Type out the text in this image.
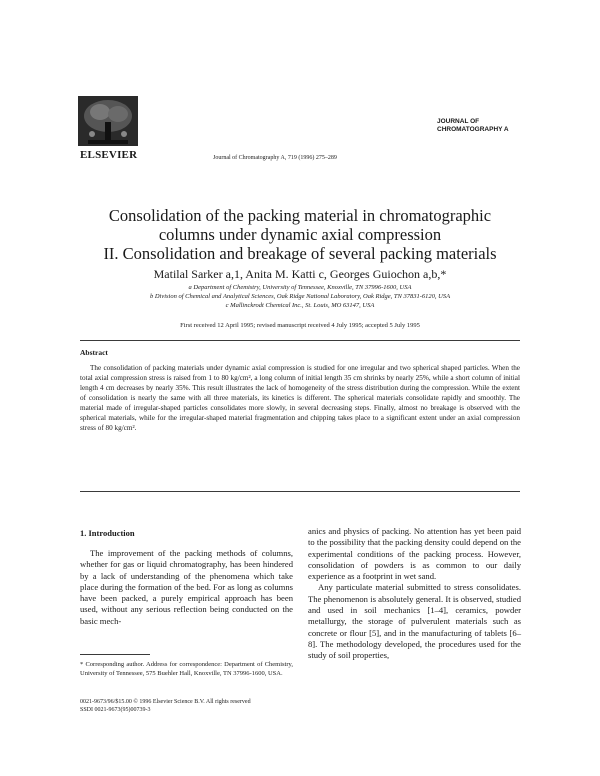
ELSEVIER
JOURNAL OF
CHROMATOGRAPHY A
Journal of Chromatography A, 719 (1996) 275–289
Consolidation of the packing material in chromatographic
columns under dynamic axial compression
II. Consolidation and breakage of several packing materials
Matilal Sarker a,1, Anita M. Katti c, Georges Guiochon a,b,*
a Department of Chemistry, University of Tennessee, Knoxville, TN 37996-1600, USA
b Division of Chemical and Analytical Sciences, Oak Ridge National Laboratory, Oak Ridge, TN 37831-6120, USA
c Mallinckrodt Chemical Inc., St. Louis, MO 63147, USA
First received 12 April 1995; revised manuscript received 4 July 1995; accepted 5 July 1995
Abstract
The consolidation of packing materials under dynamic axial compression is studied for one irregular and two spherical shaped particles. When the total axial compression stress is raised from 1 to 80 kg/cm², a long column of initial length 35 cm shrinks by nearly 25%, while a short column of initial length 4 cm decreases by nearly 35%. This result illustrates the lack of homogeneity of the stress distribution during the compression. While the extent of consolidation is nearly the same with all three materials, its kinetics is different. The spherical materials consolidate rapidly and smoothly. The material made of irregular-shaped particles consolidates more slowly, in several decreasing steps. Finally, almost no breakage is observed with the spherical materials, while for the irregular-shaped material fragmentation and chipping takes place to a significant extent under an axial compression stress of 80 kg/cm².
1. Introduction
The improvement of the packing methods of columns, whether for gas or liquid chromatography, has been hindered by a lack of understanding of the phenomena which take place during the formation of the bed. For as long as columns have been packed, a purely empirical approach has been used, without any serious reflection being conducted on the basic mech-

anics and physics of packing. No attention has yet been paid to the possibility that the packing density could depend on the experimental conditions of the packing process. However, consolidation of powders is as common to our daily experience as a footprint in wet sand.

Any particulate material submitted to stress consolidates. The phenomenon is absolutely general. It is observed, studied and used in soil mechanics [1–4], ceramics, powder metallurgy, the storage of pulverulent materials such as concrete or flour [5], and in the manufacturing of tablets [6–8]. The methodology developed, the procedures used for the study of soil properties,

* Corresponding author. Address for correspondence: Department of Chemistry, University of Tennessee, 575 Buehler Hall, Knoxville, TN 37996-1600, USA.
0021-9673/96/$15.00 © 1996 Elsevier Science B.V. All rights reserved
SSDI 0021-9673(95)00739-3
